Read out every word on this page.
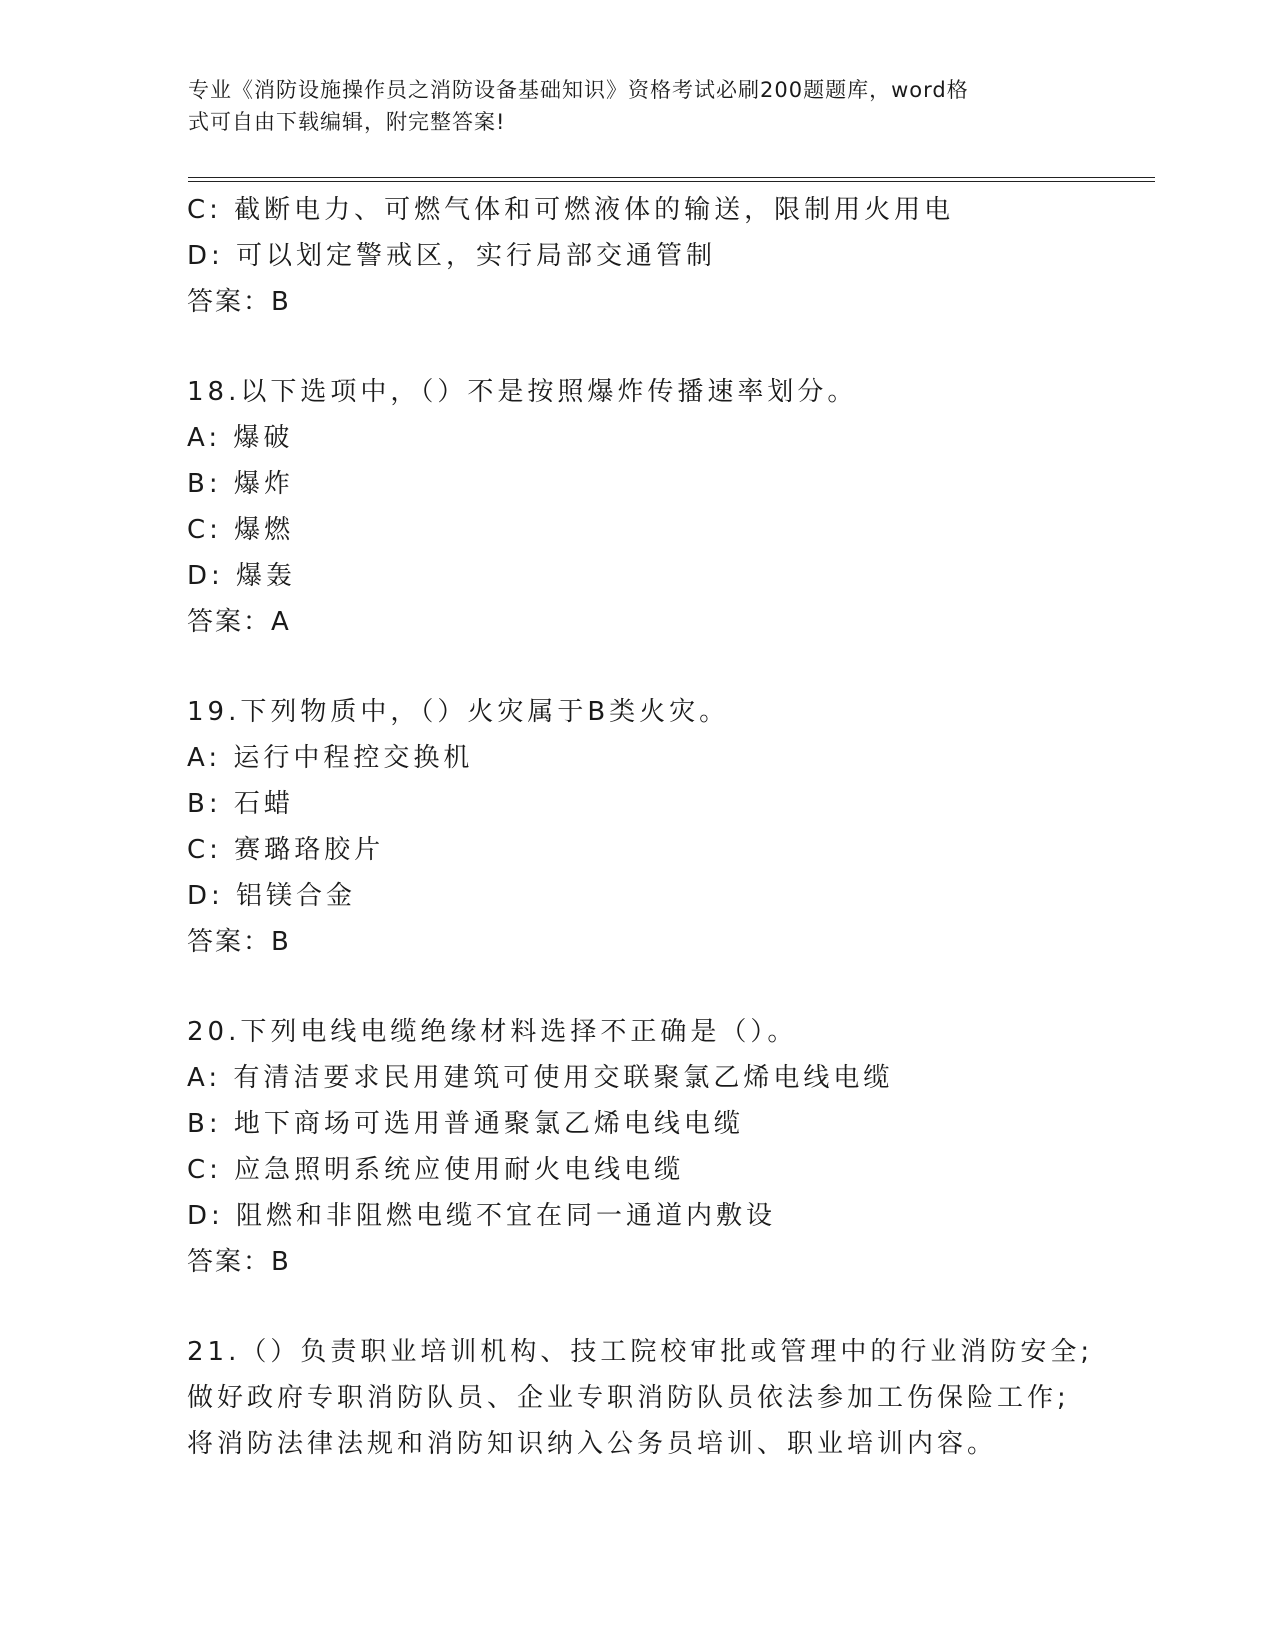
专业《消防设施操作员之消防设备基础知识》资格考试必刷200题题库，word格
式可自由下载编辑，附完整答案!
C: 截断电力、可燃气体和可燃液体的输送，限制用火用电
D: 可以划定警戒区，实行局部交通管制
答案：B
18.以下选项中，（）不是按照爆炸传播速率划分。
A: 爆破
B: 爆炸
C: 爆燃
D: 爆轰
答案：A
19.下列物质中，（）火灾属于B类火灾。
A: 运行中程控交换机
B: 石蜡
C: 赛璐珞胶片
D: 铝镁合金
答案：B
20.下列电线电缆绝缘材料选择不正确是（）。
A: 有清洁要求民用建筑可使用交联聚氯乙烯电线电缆
B: 地下商场可选用普通聚氯乙烯电线电缆
C: 应急照明系统应使用耐火电线电缆
D: 阻燃和非阻燃电缆不宜在同一通道内敷设
答案：B
21.（）负责职业培训机构、技工院校审批或管理中的行业消防安全;
做好政府专职消防队员、企业专职消防队员依法参加工伤保险工作;
将消防法律法规和消防知识纳入公务员培训、职业培训内容。
